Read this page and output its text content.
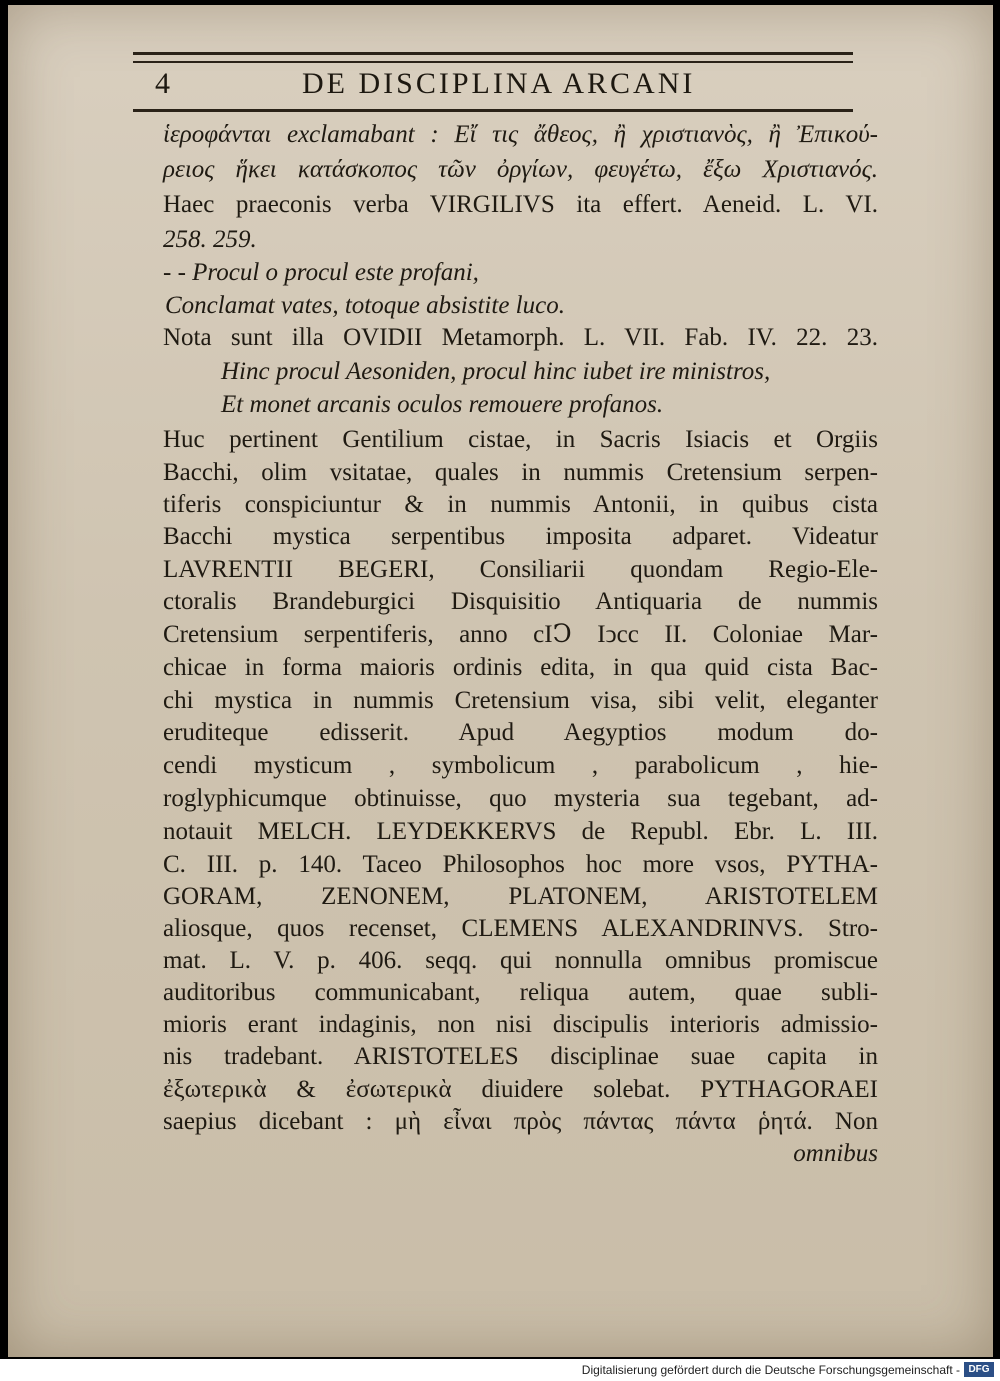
4	DE DISCIPLINA ARCANI
ἱεροφάνται exclamabant : Εἴ τις ἄθεος, ἢ χριστιανὸς, ἢ Ἐπικού-
ρειος ἥκει κατάσκοπος τῶν ὀργίων, φευγέτω, ἔξω Χριστιανός.
Haec praeconis verba VIRGILIVS ita effert. Aeneid. L. VI.
258. 259.
- - Procul o procul este profani,
Conclamat vates, totoque absistite luco.
Nota sunt illa OVIDII Metamorph. L. VII. Fab. IV. 22. 23.
Hinc procul Aesoniden, procul hinc iubet ire ministros,
Et monet arcanis oculos remouere profanos.
Huc pertinent Gentilium cistae, in Sacris Isiacis et Orgiis
Bacchi, olim vsitatae, quales in nummis Cretensium serpen-
tiferis conspiciuntur & in nummis Antonii, in quibus cista
Bacchi mystica serpentibus imposita adparet. Videatur
LAVRENTII BEGERI, Consiliarii quondam Regio-Ele-
ctoralis Brandeburgici Disquisitio Antiquaria de nummis
Cretensium serpentiferis, anno cIↃ Iↄcc II. Coloniae Mar-
chicae in forma maioris ordinis edita, in qua quid cista Bac-
chi mystica in nummis Cretensium visa, sibi velit, eleganter
eruditeque edisserit. Apud Aegyptios modum do-
cendi mysticum , symbolicum , parabolicum , hie-
roglyphicumque obtinuisse, quo mysteria sua tegebant, ad-
notauit MELCH. LEYDEKKERVS de Republ. Ebr. L. III.
C. III. p. 140. Taceo Philosophos hoc more vsos, PYTHA-
GORAM, ZENONEM, PLATONEM, ARISTOTELEM
aliosque, quos recenset, CLEMENS ALEXANDRINVS. Stro-
mat. L. V. p. 406. seqq. qui nonnulla omnibus promiscue
auditoribus communicabant, reliqua autem, quae subli-
mioris erant indaginis, non nisi discipulis interioris admissio-
nis tradebant. ARISTOTELES disciplinae suae capita in
ἐξωτερικὰ & ἐσωτερικὰ diuidere solebat. PYTHAGORAEI
saepius dicebant : μὴ εἶναι πρὸς πάντας πάντα ῥητά. Non
omnibus
Digitalisierung gefördert durch die Deutsche Forschungsgemeinschaft - DFG
